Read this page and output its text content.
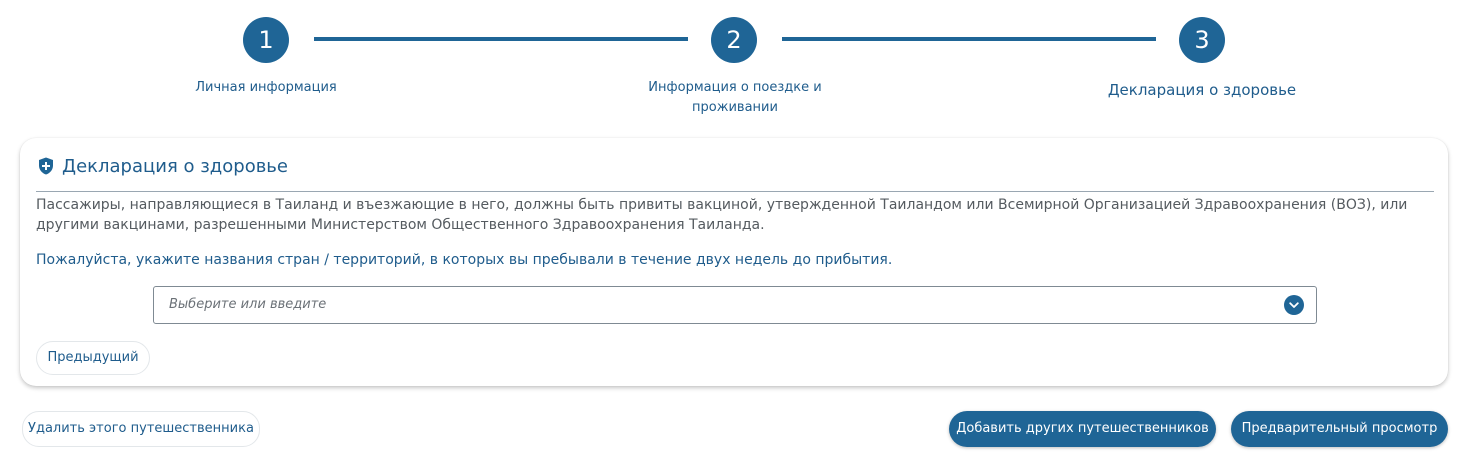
1	2	3
Личная информация	Информация о поездке и
проживании
Декларация о здоровье
Декларация о здоровье
Пассажиры, направляющиеся в Таиланд и въезжающие в него, должны быть привиты вакциной, утвержденной Таиландом или Всемирной Организацией Здравоохранения (ВОЗ), или
другими вакцинами, разрешенными Министерством Общественного Здравоохранения Таиланда.
Пожалуйста, укажите названия стран / территорий, в которых вы пребывали в течение двух недель до прибытия.
Выберите или введите
Предыдущий
Удалить этого путешественника	Добавить других путешественников	Предварительный просмотр
